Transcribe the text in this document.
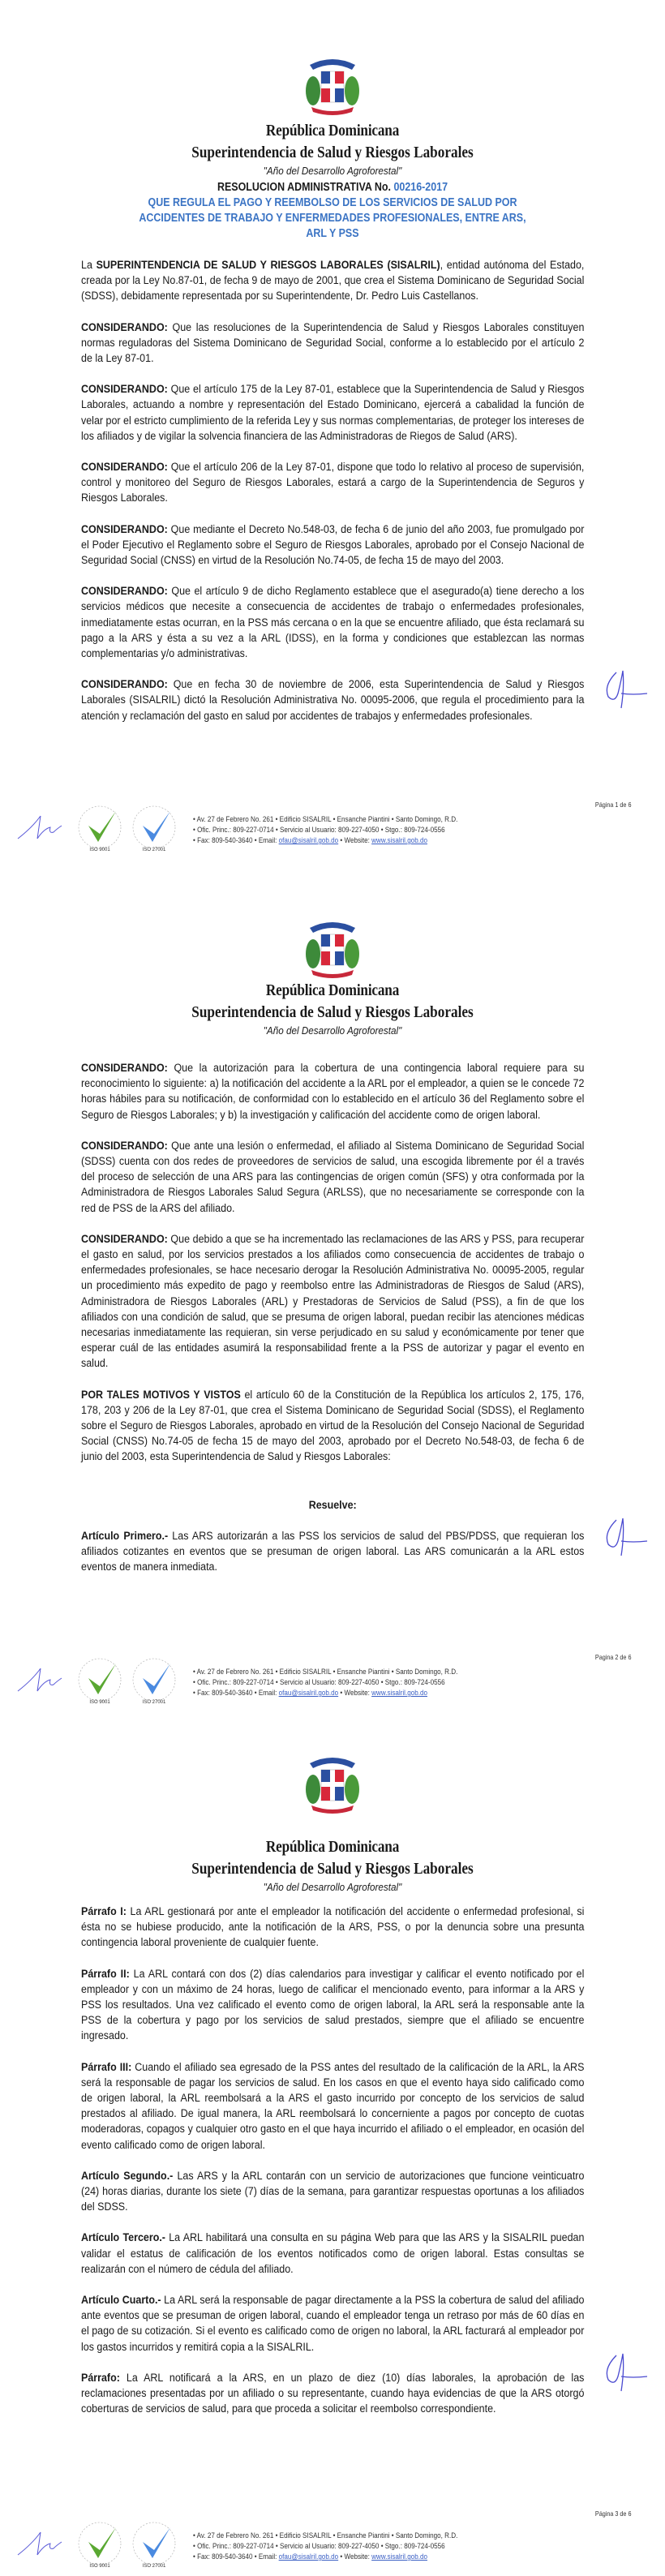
República Dominicana
Superintendencia de Salud y Riesgos Laborales
"Año del Desarrollo Agroforestal"
RESOLUCION ADMINISTRATIVA No. 00216-2017
QUE REGULA EL PAGO Y REEMBOLSO DE LOS SERVICIOS DE SALUD POR
ACCIDENTES DE TRABAJO Y ENFERMEDADES PROFESIONALES, ENTRE ARS,
ARL Y PSS

La SUPERINTENDENCIA DE SALUD Y RIESGOS LABORALES (SISALRIL), entidad autónoma del Estado, creada por la Ley No.87-01, de fecha 9 de mayo de 2001, que crea el Sistema Dominicano de Seguridad Social (SDSS), debidamente representada por su Superintendente, Dr. Pedro Luis Castellanos.

CONSIDERANDO: Que las resoluciones de la Superintendencia de Salud y Riesgos Laborales constituyen normas reguladoras del Sistema Dominicano de Seguridad Social, conforme a lo establecido por el artículo 2 de la Ley 87-01.

CONSIDERANDO: Que el artículo 175 de la Ley 87-01, establece que la Superintendencia de Salud y Riesgos Laborales, actuando a nombre y representación del Estado Dominicano, ejercerá a cabalidad la función de velar por el estricto cumplimiento de la referida Ley y sus normas complementarias, de proteger los intereses de los afiliados y de vigilar la solvencia financiera de las Administradoras de Riegos de Salud (ARS).

CONSIDERANDO: Que el artículo 206 de la Ley 87-01, dispone que todo lo relativo al proceso de supervisión, control y monitoreo del Seguro de Riesgos Laborales, estará a cargo de la Superintendencia de Seguros y Riesgos Laborales.

CONSIDERANDO: Que mediante el Decreto No.548-03, de fecha 6 de junio del año 2003, fue promulgado por el Poder Ejecutivo el Reglamento sobre el Seguro de Riesgos Laborales, aprobado por el Consejo Nacional de Seguridad Social (CNSS) en virtud de la Resolución No.74-05, de fecha 15 de mayo del 2003.

CONSIDERANDO: Que el artículo 9 de dicho Reglamento establece que el asegurado(a) tiene derecho a los servicios médicos que necesite a consecuencia de accidentes de trabajo o enfermedades profesionales, inmediatamente estas ocurran, en la PSS más cercana o en la que se encuentre afiliado, que ésta reclamará su pago a la ARS y ésta a su vez a la ARL (IDSS), en la forma y condiciones que establezcan las normas complementarias y/o administrativas.

CONSIDERANDO: Que en fecha 30 de noviembre de 2006, esta Superintendencia de Salud y Riesgos Laborales (SISALRIL) dictó la Resolución Administrativa No. 00095-2006, que regula el procedimiento para la atención y reclamación del gasto en salud por accidentes de trabajos y enfermedades profesionales.

Página 1 de 6
ISO 9001	ISO 27001
• Av. 27 de Febrero No. 261 • Edificio SISALRIL • Ensanche Piantini • Santo Domingo, R.D.
• Ofic. Princ.: 809-227-0714 • Servicio al Usuario: 809-227-4050 • Stgo.: 809-724-0556
• Fax: 809-540-3640 • Email: ofau@sisalril.gob.do • Website: www.sisalril.gob.do
República Dominicana
Superintendencia de Salud y Riesgos Laborales
"Año del Desarrollo Agroforestal"

CONSIDERANDO: Que la autorización para la cobertura de una contingencia laboral requiere para su reconocimiento lo siguiente: a) la notificación del accidente a la ARL por el empleador, a quien se le concede 72 horas hábiles para su notificación, de conformidad con lo establecido en el artículo 36 del Reglamento sobre el Seguro de Riesgos Laborales; y b) la investigación y calificación del accidente como de origen laboral.

CONSIDERANDO: Que ante una lesión o enfermedad, el afiliado al Sistema Dominicano de Seguridad Social (SDSS) cuenta con dos redes de proveedores de servicios de salud, una escogida libremente por él a través del proceso de selección de una ARS para las contingencias de origen común (SFS) y otra conformada por la Administradora de Riesgos Laborales Salud Segura (ARLSS), que no necesariamente se corresponde con la red de PSS de la ARS del afiliado.

CONSIDERANDO: Que debido a que se ha incrementado las reclamaciones de las ARS y PSS, para recuperar el gasto en salud, por los servicios prestados a los afiliados como consecuencia de accidentes de trabajo o enfermedades profesionales, se hace necesario derogar la Resolución Administrativa No. 00095-2005, regular un procedimiento más expedito de pago y reembolso entre las Administradoras de Riesgos de Salud (ARS), Administradora de Riesgos Laborales (ARL) y Prestadoras de Servicios de Salud (PSS), a fin de que los afiliados con una condición de salud, que se presuma de origen laboral, puedan recibir las atenciones médicas necesarias inmediatamente las requieran, sin verse perjudicado en su salud y económicamente por tener que esperar cuál de las entidades asumirá la responsabilidad frente a la PSS de autorizar y pagar el evento en salud.

POR TALES MOTIVOS Y VISTOS el artículo 60 de la Constitución de la República los artículos 2, 175, 176, 178, 203 y 206 de la Ley 87-01, que crea el Sistema Dominicano de Seguridad Social (SDSS), el Reglamento sobre el Seguro de Riesgos Laborales, aprobado en virtud de la Resolución del Consejo Nacional de Seguridad Social (CNSS) No.74-05 de fecha 15 de mayo del 2003, aprobado por el Decreto No.548-03, de fecha 6 de junio del 2003, esta Superintendencia de Salud y Riesgos Laborales:

Resuelve:

Artículo Primero.- Las ARS autorizarán a las PSS los servicios de salud del PBS/PDSS, que requieran los afiliados cotizantes en eventos que se presuman de origen laboral. Las ARS comunicarán a la ARL estos eventos de manera inmediata.

Pagina 2 de 6
ISO 9001	ISO 27001
• Av. 27 de Febrero No. 261 • Edificio SISALRIL • Ensanche Piantini • Santo Domingo, R.D.
• Ofic. Princ.: 809-227-0714 • Servicio al Usuario: 809-227-4050 • Stgo.: 809-724-0556
• Fax: 809-540-3640 • Email: ofau@sisalril.gob.do • Website: www.sisalril.gob.do
República Dominicana
Superintendencia de Salud y Riesgos Laborales
"Año del Desarrollo Agroforestal"

Párrafo I: La ARL gestionará por ante el empleador la notificación del accidente o enfermedad profesional, si ésta no se hubiese producido, ante la notificación de la ARS, PSS, o por la denuncia sobre una presunta contingencia laboral proveniente de cualquier fuente.

Párrafo II: La ARL contará con dos (2) días calendarios para investigar y calificar el evento notificado por el empleador y con un máximo de 24 horas, luego de calificar el mencionado evento, para informar a la ARS y PSS los resultados. Una vez calificado el evento como de origen laboral, la ARL será la responsable ante la PSS de la cobertura y pago por los servicios de salud prestados, siempre que el afiliado se encuentre ingresado.

Párrafo III: Cuando el afiliado sea egresado de la PSS antes del resultado de la calificación de la ARL, la ARS será la responsable de pagar los servicios de salud. En los casos en que el evento haya sido calificado como de origen laboral, la ARL reembolsará a la ARS el gasto incurrido por concepto de los servicios de salud prestados al afiliado. De igual manera, la ARL reembolsará lo concerniente a pagos por concepto de cuotas moderadoras, copagos y cualquier otro gasto en el que haya incurrido el afiliado o el empleador, en ocasión del evento calificado como de origen laboral.

Artículo Segundo.- Las ARS y la ARL contarán con un servicio de autorizaciones que funcione veinticuatro (24) horas diarias, durante los siete (7) días de la semana, para garantizar respuestas oportunas a los afiliados del SDSS.

Artículo Tercero.- La ARL habilitará una consulta en su página Web para que las ARS y la SISALRIL puedan validar el estatus de calificación de los eventos notificados como de origen laboral. Estas consultas se realizarán con el número de cédula del afiliado.

Artículo Cuarto.- La ARL será la responsable de pagar directamente a la PSS la cobertura de salud del afiliado ante eventos que se presuman de origen laboral, cuando el empleador tenga un retraso por más de 60 días en el pago de su cotización. Si el evento es calificado como de origen no laboral, la ARL facturará al empleador por los gastos incurridos y remitirá copia a la SISALRIL.

Párrafo: La ARL notificará a la ARS, en un plazo de diez (10) días laborales, la aprobación de las reclamaciones presentadas por un afiliado o su representante, cuando haya evidencias de que la ARS otorgó coberturas de servicios de salud, para que proceda a solicitar el reembolso correspondiente.

Página 3 de 6
ISO 9001	ISO 27001
• Av. 27 de Febrero No. 261 • Edificio SISALRIL • Ensanche Piantini • Santo Domingo, R.D.
• Ofic. Princ.: 809-227-0714 • Servicio al Usuario: 809-227-4050 • Stgo.: 809-724-0556
• Fax: 809-540-3640 • Email: ofau@sisalril.gob.do • Website: www.sisalril.gob.do
